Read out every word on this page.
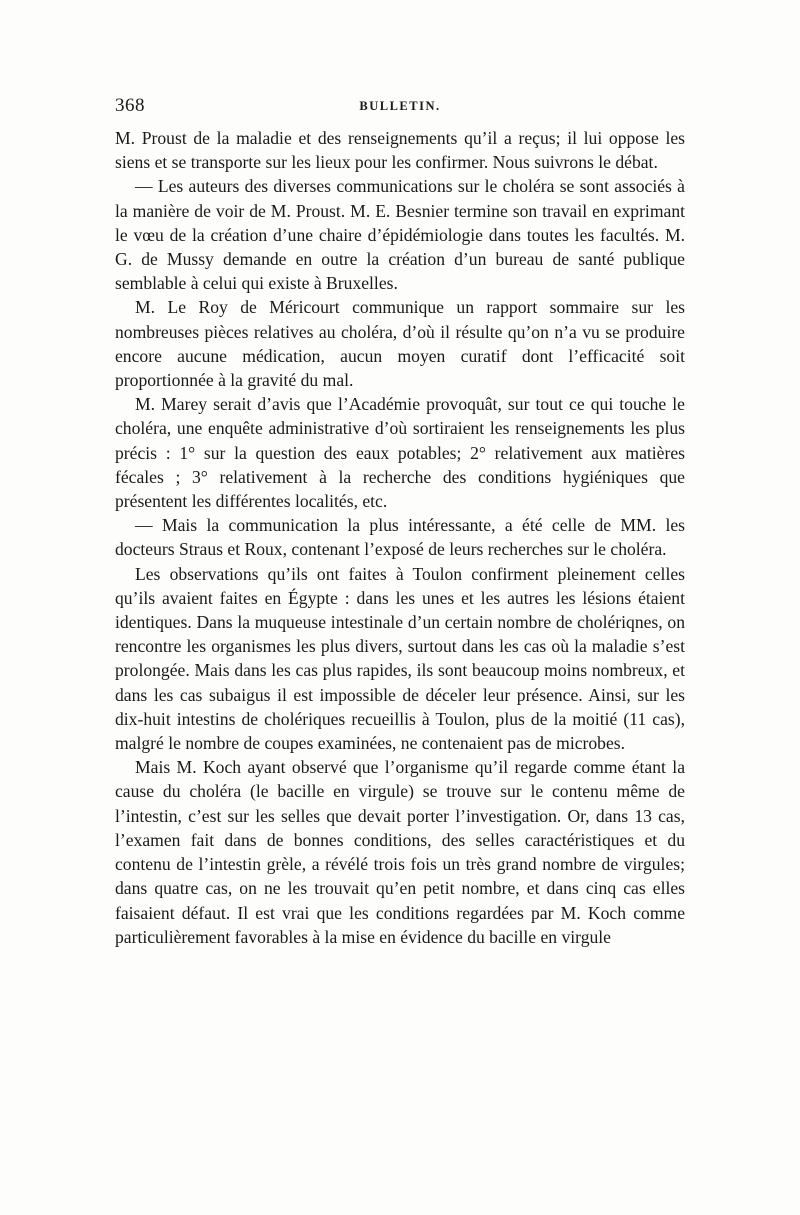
368	BULLETIN.

M. Proust de la maladie et des renseignements qu’il a reçus; il lui oppose les siens et se transporte sur les lieux pour les confirmer. Nous suivrons le débat.

— Les auteurs des diverses communications sur le choléra se sont associés à la manière de voir de M. Proust. M. E. Besnier termine son travail en exprimant le vœu de la création d’une chaire d’épidémiologie dans toutes les facultés. M. G. de Mussy demande en outre la création d’un bureau de santé publique semblable à celui qui existe à Bruxelles.

M. Le Roy de Méricourt communique un rapport sommaire sur les nombreuses pièces relatives au choléra, d’où il résulte qu’on n’a vu se produire encore aucune médication, aucun moyen curatif dont l’efficacité soit proportionnée à la gravité du mal.

M. Marey serait d’avis que l’Académie provoquât, sur tout ce qui touche le choléra, une enquête administrative d’où sortiraient les renseignements les plus précis : 1° sur la question des eaux potables; 2° relativement aux matières fécales ; 3° relativement à la recherche des conditions hygiéniques que présentent les différentes localités, etc.

— Mais la communication la plus intéressante, a été celle de MM. les docteurs Straus et Roux, contenant l’exposé de leurs recherches sur le choléra.

Les observations qu’ils ont faites à Toulon confirment pleinement celles qu’ils avaient faites en Égypte : dans les unes et les autres les lésions étaient identiques. Dans la muqueuse intestinale d’un certain nombre de cholériqnes, on rencontre les organismes les plus divers, surtout dans les cas où la maladie s’est prolongée. Mais dans les cas plus rapides, ils sont beaucoup moins nombreux, et dans les cas subaigus il est impossible de déceler leur présence. Ainsi, sur les dix-huit intestins de cholériques recueillis à Toulon, plus de la moitié (11 cas), malgré le nombre de coupes examinées, ne contenaient pas de microbes.

Mais M. Koch ayant observé que l’organisme qu’il regarde comme étant la cause du choléra (le bacille en virgule) se trouve sur le contenu même de l’intestin, c’est sur les selles que devait porter l’investigation. Or, dans 13 cas, l’examen fait dans de bonnes conditions, des selles caractéristiques et du contenu de l’intestin grèle, a révélé trois fois un très grand nombre de virgules; dans quatre cas, on ne les trouvait qu’en petit nombre, et dans cinq cas elles faisaient défaut. Il est vrai que les conditions regardées par M. Koch comme particulièrement favorables à la mise en évidence du bacille en virgule
